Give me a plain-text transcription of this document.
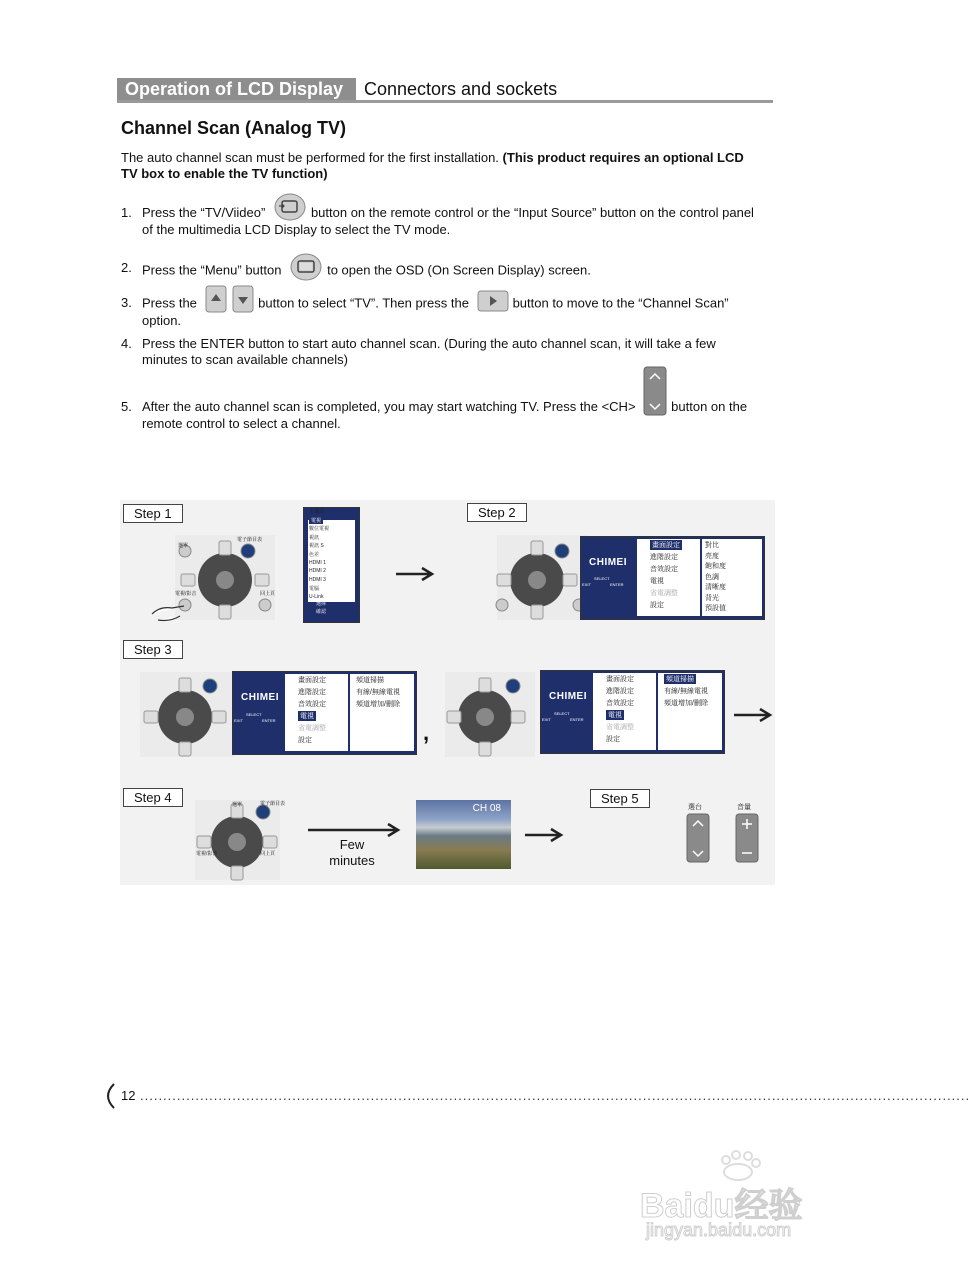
Operation of LCD Display	Connectors and sockets
Channel Scan (Analog TV)

The auto channel scan must be performed for the first installation. (This product requires an optional LCD TV box to enable the TV function)

1. Press the “TV/Viideo”	button on the remote control or the “Input Source” button on the control panel of the multimedia LCD Display to select the TV mode.
2. Press the “Menu” button	to open the OSD (On Screen Display) screen.
3. Press the	button to select “TV”. Then press the	button to move to the “Channel Scan” option.
4. Press the ENTER button to start auto channel scan. (During the auto channel scan, it will take a few minutes to scan available channels)
5. After the auto channel scan is completed, you may start watching TV. Press the <CH>	button on the remote control to select a channel.
Step 1	Step 2
Step 3
Step 4	Step 5
主畫面
電視
數位電視
視訊
視訊 S
色差
HDMI 1
HDMI 2
HDMI 3
電腦
U-Link
CHIMEI
畫面設定
進階設定
音效設定
電視
省電調整
設定
對比
亮度
飽和度
色調
清晰度
背光
預設值
CHIMEI
畫面設定
進階設定
音效設定
電視
省電調整
設定
頻道掃描
有線/無線電視
頻道增加/刪除
,
CHIMEI
畫面設定
進階設定
音效設定
電視
省電調整
設定
頻道掃描
有線/無線電視
頻道增加/刪除
Few
minutes
CH 08	選台	音量
選擇
確認
EXIT
SELECT
ENTER
EXIT
SELECT
ENTER	EXIT
SELECT
ENTER
選單
電子節目表
電視/影音	回上頁
選單	電子節目表
電視/影音	回上頁
12 ....................................................................................................................................................................................
Baidu经验
jingyan.baidu.com
